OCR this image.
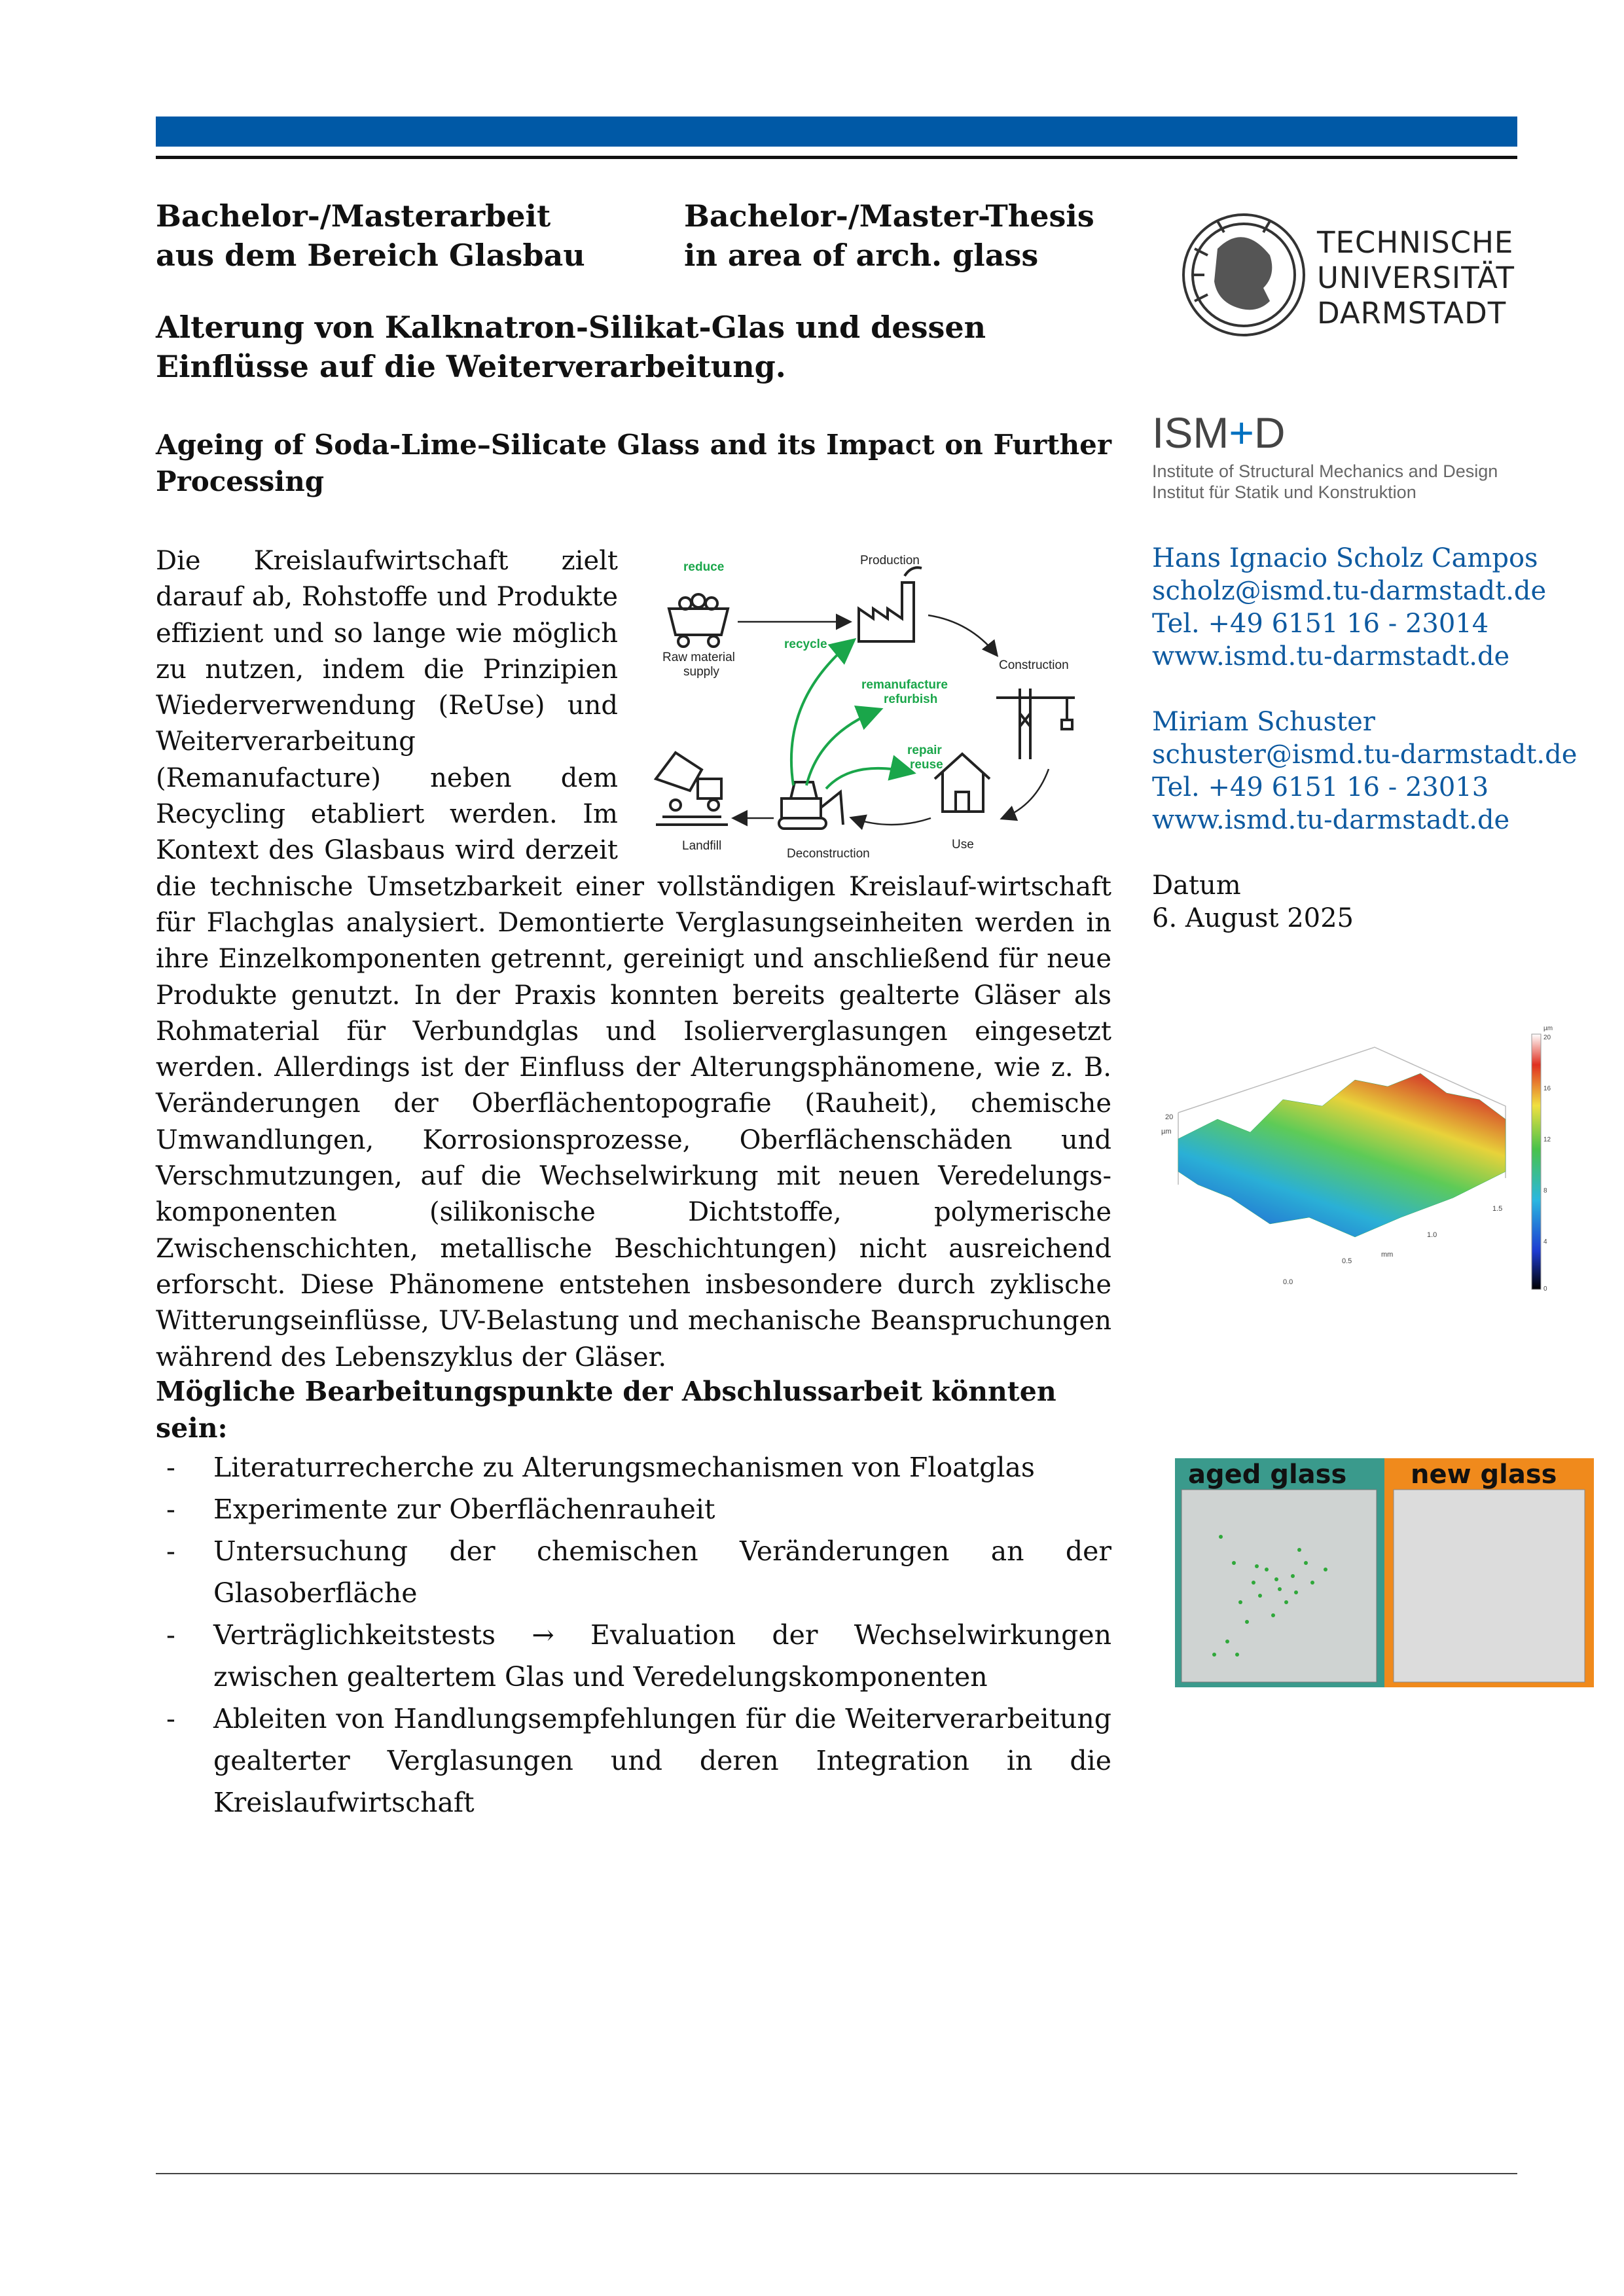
Bachelor-/Masterarbeit
aus dem Bereich Glasbau
Bachelor-/Master-Thesis
in area of arch. glass
Alterung von Kalknatron-Silikat-Glas und dessen Einflüsse auf die Weiterverarbeitung.
Ageing of Soda-Lime–Silicate Glass and its Impact on Further Processing
reduce
Raw material
supply
Production
Construction
Use
Deconstruction
Landfill
recycle
remanufacture
refurbish
repair
reuse
Die Kreislaufwirtschaft zielt darauf ab, Rohstoffe und Produkte effizient und so lange wie möglich zu nutzen, indem die Prinzipien Wiederverwendung (ReUse) und Weiterverarbeitung (Remanufacture) neben dem Recycling etabliert werden. Im Kontext des Glasbaus wird derzeit die technische Umsetzbarkeit einer vollständigen Kreislauf-wirtschaft für Flachglas analysiert. Demontierte Verglasungseinheiten werden in ihre Einzelkomponenten getrennt, gereinigt und anschließend für neue Produkte genutzt. In der Praxis konnten bereits gealterte Gläser als Rohmaterial für Verbundglas und Isolierverglasungen eingesetzt werden. Allerdings ist der Einfluss der Alterungsphänomene, wie z. B. Veränderungen der Oberflächentopografie (Rauheit), chemische Umwandlungen, Korrosionsprozesse, Oberflächenschäden und Verschmutzungen, auf die Wechselwirkung mit neuen Veredelungs-komponenten (silikonische Dichtstoffe, polymerische Zwischenschichten, metallische Beschichtungen) nicht ausreichend erforscht. Diese Phänomene entstehen insbesondere durch zyklische Witterungseinflüsse, UV-Belastung und mechanische Beanspruchungen während des Lebenszyklus der Gläser.
Mögliche Bearbeitungspunkte der Abschlussarbeit könnten sein:
- Literaturrecherche zu Alterungsmechanismen von Floatglas
- Experimente zur Oberflächenrauheit
- Untersuchung der chemischen Veränderungen an der Glasoberfläche
- Verträglichkeitstests → Evaluation der Wechselwirkungen zwischen gealtertem Glas und Veredelungskomponenten
- Ableiten von Handlungsempfehlungen für die Weiterverarbeitung gealterter Verglasungen und deren Integration in die Kreislaufwirtschaft
TECHNISCHE
UNIVERSITÄT
DARMSTADT
ISM+D
Institute of Structural Mechanics and Design
Institut für Statik und Konstruktion
Hans Ignacio Scholz Campos
scholz@ismd.tu-darmstadt.de
Tel. +49 6151 16 - 23014
www.ismd.tu-darmstadt.de
Miriam Schuster
schuster@ismd.tu-darmstadt.de
Tel. +49 6151 16 - 23013
www.ismd.tu-darmstadt.de
Datum
6. August 2025
20
µm
0.0
0.5
1.0
1.5
mm
µm
20
16
12
8
4
0
aged glass new glass
